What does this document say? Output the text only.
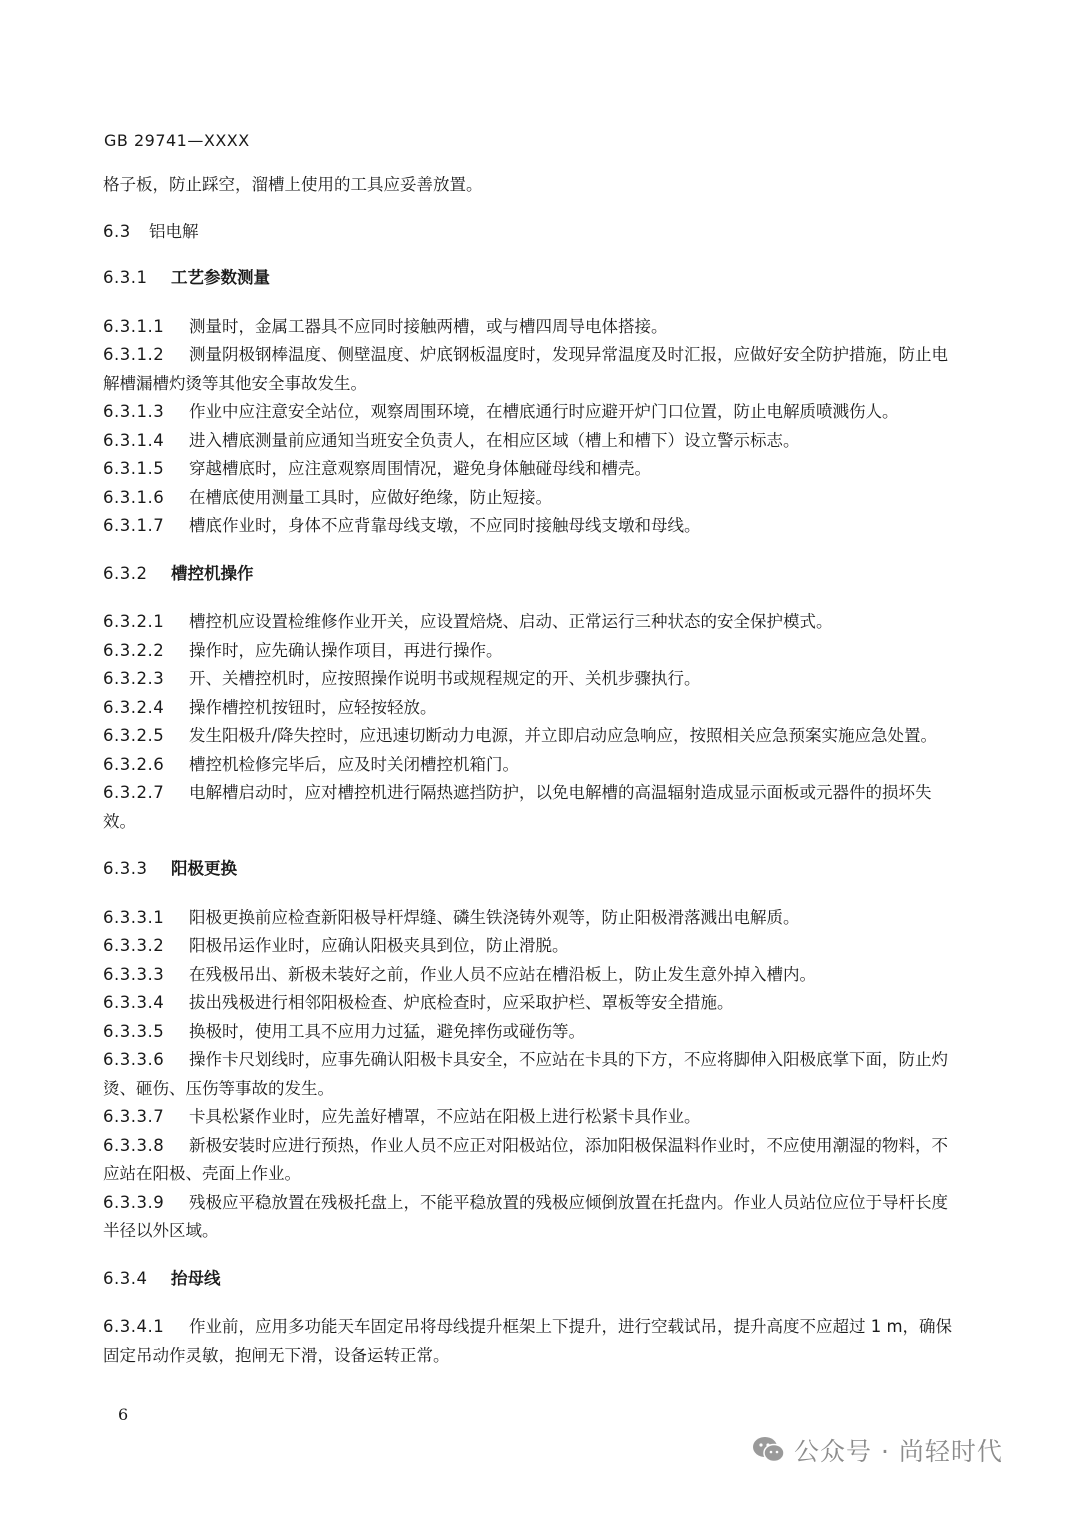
GB 29741—XXXX

格子板，防止踩空，溜槽上使用的工具应妥善放置。

6.3 铝电解

6.3.1 工艺参数测量

6.3.1.1 测量时，金属工器具不应同时接触两槽，或与槽四周导电体搭接。

6.3.1.2 测量阴极钢棒温度、侧壁温度、炉底钢板温度时，发现异常温度及时汇报，应做好安全防护措施，防止电解槽漏槽灼烫等其他安全事故发生。

6.3.1.3 作业中应注意安全站位，观察周围环境，在槽底通行时应避开炉门口位置，防止电解质喷溅伤人。

6.3.1.4 进入槽底测量前应通知当班安全负责人，在相应区域（槽上和槽下）设立警示标志。

6.3.1.5 穿越槽底时，应注意观察周围情况，避免身体触碰母线和槽壳。

6.3.1.6 在槽底使用测量工具时，应做好绝缘，防止短接。

6.3.1.7 槽底作业时，身体不应背靠母线支墩，不应同时接触母线支墩和母线。

6.3.2 槽控机操作

6.3.2.1 槽控机应设置检维修作业开关，应设置焙烧、启动、正常运行三种状态的安全保护模式。

6.3.2.2 操作时，应先确认操作项目，再进行操作。

6.3.2.3 开、关槽控机时，应按照操作说明书或规程规定的开、关机步骤执行。

6.3.2.4 操作槽控机按钮时，应轻按轻放。

6.3.2.5 发生阳极升/降失控时，应迅速切断动力电源，并立即启动应急响应，按照相关应急预案实施应急处置。

6.3.2.6 槽控机检修完毕后，应及时关闭槽控机箱门。

6.3.2.7 电解槽启动时，应对槽控机进行隔热遮挡防护，以免电解槽的高温辐射造成显示面板或元器件的损坏失效。

6.3.3 阳极更换

6.3.3.1 阳极更换前应检查新阳极导杆焊缝、磷生铁浇铸外观等，防止阳极滑落溅出电解质。

6.3.3.2 阳极吊运作业时，应确认阳极夹具到位，防止滑脱。

6.3.3.3 在残极吊出、新极未装好之前，作业人员不应站在槽沿板上，防止发生意外掉入槽内。

6.3.3.4 拔出残极进行相邻阳极检查、炉底检查时，应采取护栏、罩板等安全措施。

6.3.3.5 换极时，使用工具不应用力过猛，避免摔伤或碰伤等。

6.3.3.6 操作卡尺划线时，应事先确认阳极卡具安全，不应站在卡具的下方，不应将脚伸入阳极底掌下面，防止灼烫、砸伤、压伤等事故的发生。

6.3.3.7 卡具松紧作业时，应先盖好槽罩，不应站在阳极上进行松紧卡具作业。

6.3.3.8 新极安装时应进行预热，作业人员不应正对阳极站位，添加阳极保温料作业时，不应使用潮湿的物料，不应站在阳极、壳面上作业。

6.3.3.9 残极应平稳放置在残极托盘上，不能平稳放置的残极应倾倒放置在托盘内。作业人员站位应位于导杆长度半径以外区域。

6.3.4 抬母线

6.3.4.1 作业前，应用多功能天车固定吊将母线提升框架上下提升，进行空载试吊，提升高度不应超过 1 m，确保固定吊动作灵敏，抱闸无下滑，设备运转正常。

6
公众号 · 尚轻时代
